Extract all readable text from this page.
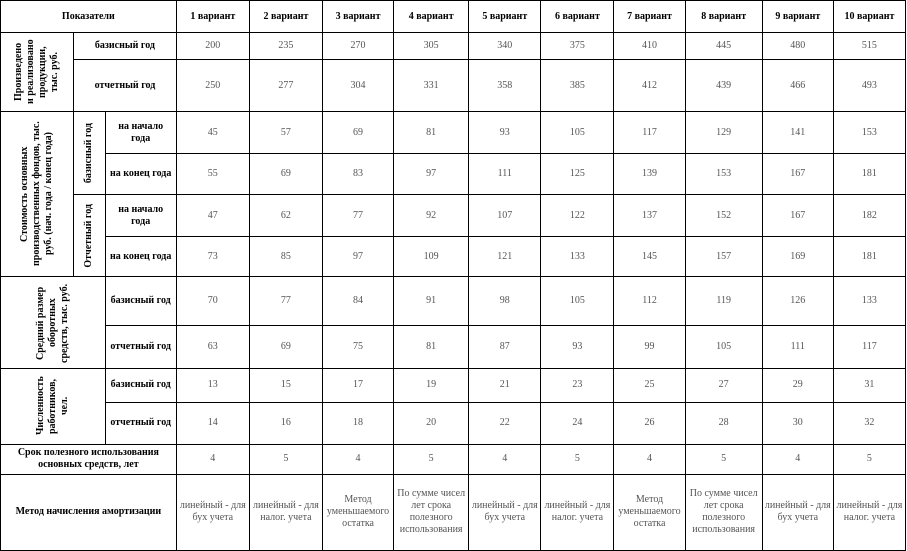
Показатели			1 вариант	2 вариант	3 вариант	4 вариант	5 вариант	6 вариант	7 вариант	8 вариант	9 вариант	10 вариант

Произведено и реализовано продукции, тыс. руб.	базисный год		200	235	270	305	340	375	410	445	480	515
	отчетный год		250	277	304	331	358	385	412	439	466	493

Стоимость основных производственных фондов, тыс. руб. (нач. года / конец года)	базисный год	на начало года	45	57	69	81	93	105	117	129	141	153
		на конец года	55	69	83	97	111	125	139	153	167	181

	Отчетный год	на начало года	47	62	77	92	107	122	137	152	167	182
		на конец года	73	85	97	109	121	133	145	157	169	181

Средний размер оборотных средств, тыс. руб.		базисный год	70	77	84	91	98	105	112	119	126	133
		отчетный год	63	69	75	81	87	93	99	105	111	117

Численность работников, чел.		базисный год	13	15	17	19	21	23	25	27	29	31
		отчетный год	14	16	18	20	22	24	26	28	30	32
Срок полезного использования основных средств, лет			4	5	4	5	4	5	4	5	4	5
Метод начисления амортизации			линейный - для бух учета	линейный - для налог. учета	Метод уменьшаемого остатка	По сумме чисел лет срока полезного использования	линейный - для бух учета	линейный - для налог. учета	Метод уменьшаемого остатка	По сумме чисел лет срока полезного использования	линейный - для бух учета	линейный - для налог. учета
